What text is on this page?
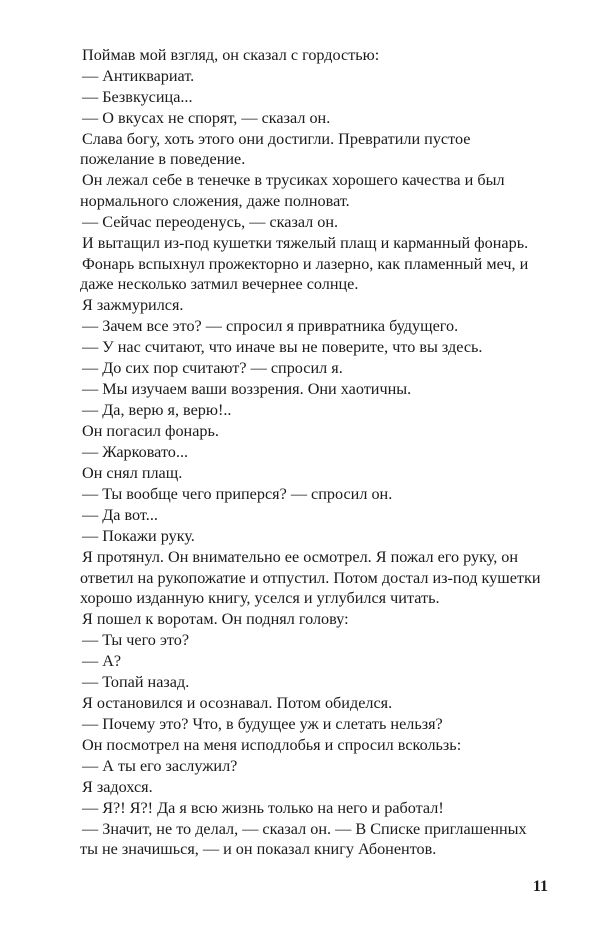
Поймав мой взгляд, он сказал с гордостью:

— Антиквариат.

— Безвкусица...

— О вкусах не спорят, — сказал он.

Слава богу, хоть этого они достигли. Превратили пустое пожелание в поведение.

Он лежал себе в тенечке в трусиках хорошего качества и был нормального сложения, даже полноват.

— Сейчас переоденусь, — сказал он.

И вытащил из-под кушетки тяжелый плащ и карманный фонарь.

Фонарь вспыхнул прожекторно и лазерно, как пламенный меч, и даже несколько затмил вечернее солнце.

Я зажмурился.

— Зачем все это? — спросил я привратника будущего.

— У нас считают, что иначе вы не поверите, что вы здесь.

— До сих пор считают? — спросил я.

— Мы изучаем ваши воззрения. Они хаотичны.

— Да, верю я, верю!..

Он погасил фонарь.

— Жарковато...

Он снял плащ.

— Ты вообще чего приперся? — спросил он.

— Да вот...

— Покажи руку.

Я протянул. Он внимательно ее осмотрел. Я пожал его руку, он ответил на рукопожатие и отпустил. Потом достал из-под кушетки хорошо изданную книгу, уселся и углубился читать.

Я пошел к воротам. Он поднял голову:

— Ты чего это?

— А?

— Топай назад.

Я остановился и осознавал. Потом обиделся.

— Почему это? Что, в будущее уж и слетать нельзя?

Он посмотрел на меня исподлобья и спросил вскользь:

— А ты его заслужил?

Я задохся.

— Я?! Я?! Да я всю жизнь только на него и работал!

— Значит, не то делал, — сказал он. — В Списке приглашенных ты не значишься, — и он показал книгу Абонентов.

11
